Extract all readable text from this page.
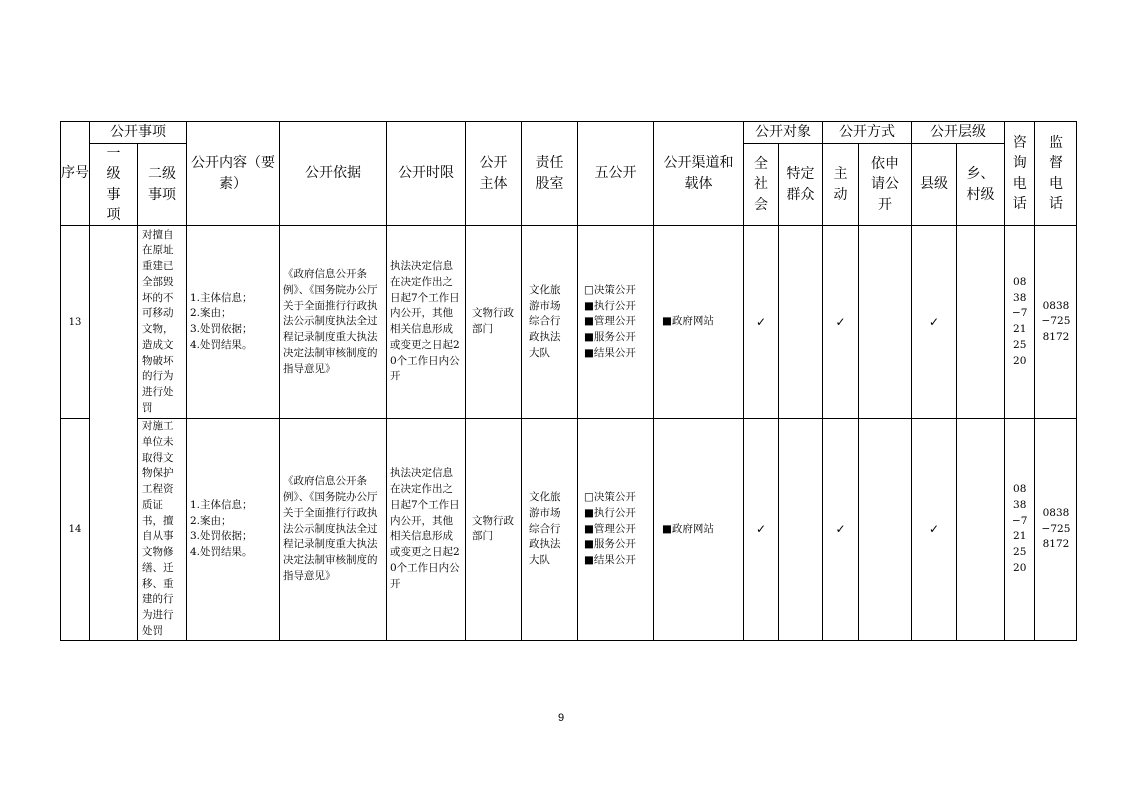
序号	公开事项		公开内容（要素）	公开依据	公开时限	公开主体	责任股室	五公开	公开渠道和载体	公开对象		公开方式		公开层级		咨询电话	监督电话
	一级事项	二级事项								全社会	特定群众	主动	依申请公开	县级	乡、村级		
13		对擅自在原址重建已全部毁坏的不可移动文物，造成文物破坏的行为进行处罚	1.主体信息；
2.案由；
3.处罚依据；
4.处罚结果。	《政府信息公开条例》、《国务院办公厅关于全面推行行政执法公示制度执法全过程记录制度重大执法决定法制审核制度的指导意见》	执法决定信息在决定作出之日起7个工作日内公开，其他相关信息形成或变更之日起20个工作日内公开	文物行政部门	文化旅游市场综合行政执法大队	□决策公开
■执行公开
■管理公开
■服务公开
■结果公开	■政府网站	✓		✓		✓		0838−7212520	0838−7258172
14		对施工单位未取得文物保护工程资质证书，擅自从事文物修缮、迁移、重建的行为进行处罚	1.主体信息；
2.案由；
3.处罚依据；
4.处罚结果。	《政府信息公开条例》、《国务院办公厅关于全面推行行政执法公示制度执法全过程记录制度重大执法决定法制审核制度的指导意见》	执法决定信息在决定作出之日起7个工作日内公开，其他相关信息形成或变更之日起20个工作日内公开	文物行政部门	文化旅游市场综合行政执法大队	□决策公开
■执行公开
■管理公开
■服务公开
■结果公开	■政府网站	✓		✓		✓		0838−7212520	0838−7258172
9
